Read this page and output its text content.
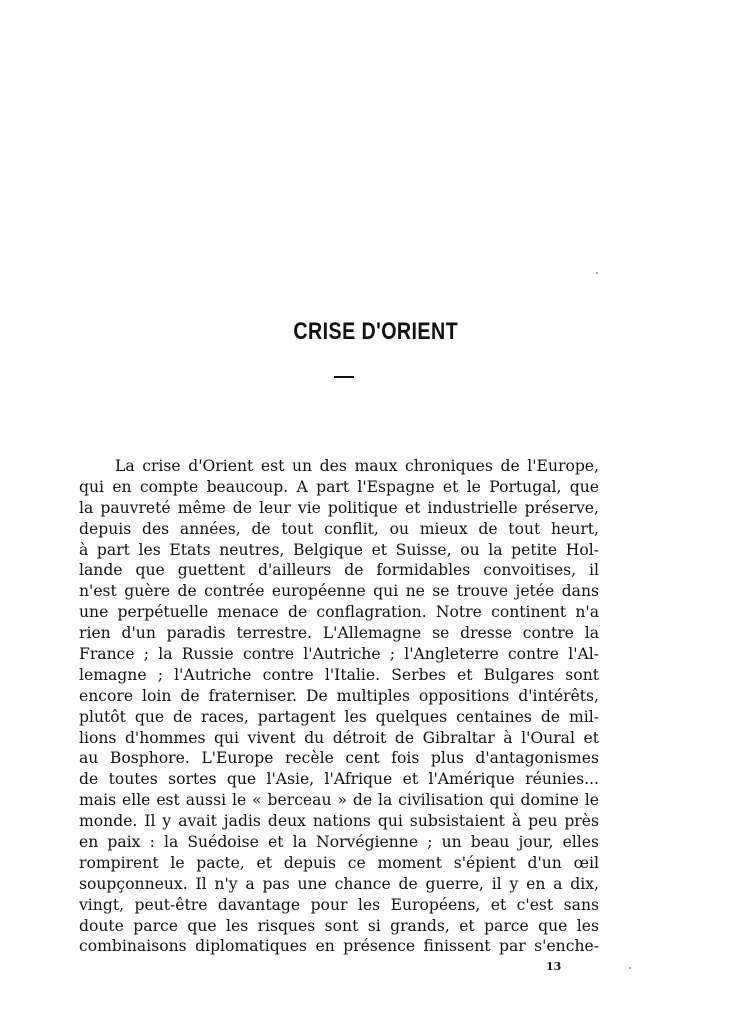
CRISE D'ORIENT
La crise d'Orient est un des maux chroniques de l'Europe,
qui en compte beaucoup. A part l'Espagne et le Portugal, que
la pauvreté même de leur vie politique et industrielle préserve,
depuis des années, de tout conflit, ou mieux de tout heurt,
à part les Etats neutres, Belgique et Suisse, ou la petite Hol-
lande que guettent d'ailleurs de formidables convoitises, il
n'est guère de contrée européenne qui ne se trouve jetée dans
une perpétuelle menace de conflagration. Notre continent n'a
rien d'un paradis terrestre. L'Allemagne se dresse contre la
France ; la Russie contre l'Autriche ; l'Angleterre contre l'Al-
lemagne ; l'Autriche contre l'Italie. Serbes et Bulgares sont
encore loin de fraterniser. De multiples oppositions d'intérêts,
plutôt que de races, partagent les quelques centaines de mil-
lions d'hommes qui vivent du détroit de Gibraltar à l'Oural et
au Bosphore. L'Europe recèle cent fois plus d'antagonismes
de toutes sortes que l'Asie, l'Afrique et l'Amérique réunies...
mais elle est aussi le « berceau » de la civilisation qui domine le
monde. Il y avait jadis deux nations qui subsistaient à peu près
en paix : la Suédoise et la Norvégienne ; un beau jour, elles
rompirent le pacte, et depuis ce moment s'épient d'un œil
soupçonneux. Il n'y a pas une chance de guerre, il y en a dix,
vingt, peut-être davantage pour les Européens, et c'est sans
doute parce que les risques sont si grands, et parce que les
combinaisons diplomatiques en présence finissent par s'enche-
13
